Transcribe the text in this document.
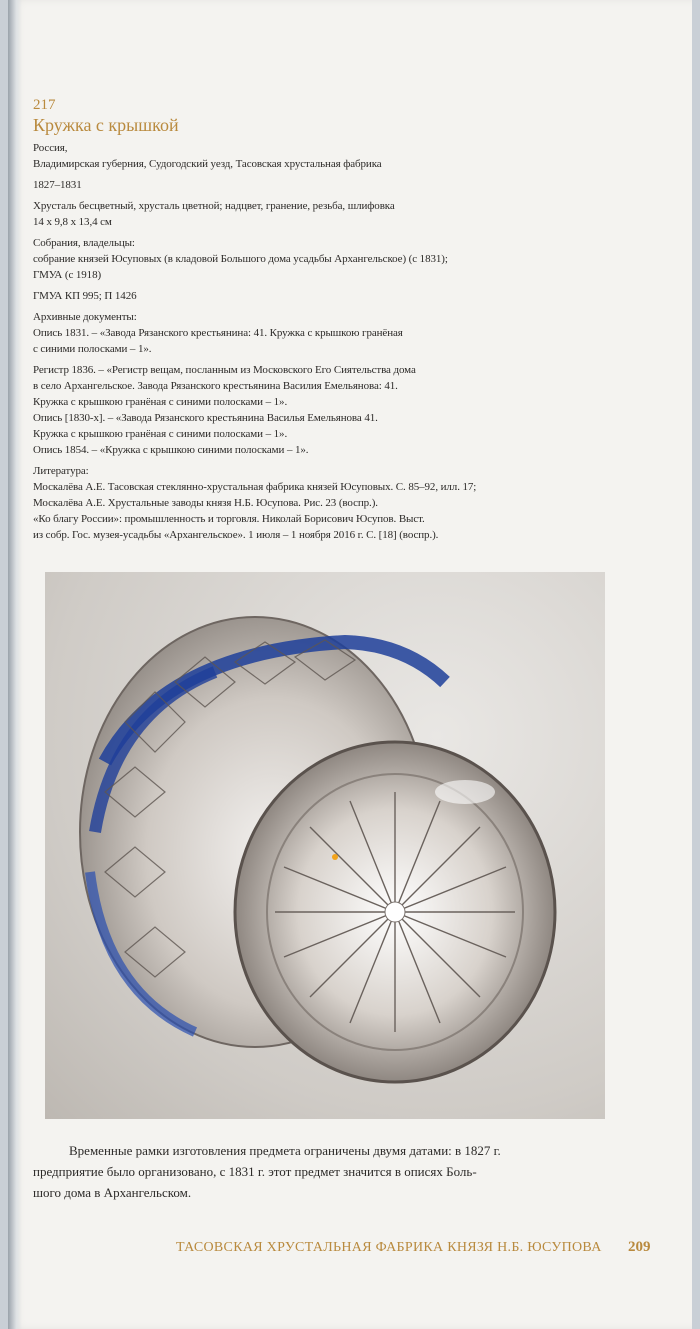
217
Кружка с крышкой
Россия,
Владимирская губерния, Судогодский уезд, Тасовская хрустальная фабрика
1827–1831
Хрусталь бесцветный, хрусталь цветной; надцвет, гранение, резьба, шлифовка
14 х 9,8 х 13,4 см
Собрания, владельцы:
собрание князей Юсуповых (в кладовой Большого дома усадьбы Архангельское) (с 1831);
ГМУА (с 1918)
ГМУА КП 995; П 1426
Архивные документы:
Опись 1831. – «Завода Рязанского крестьянина: 41. Кружка с крышкою гранёная
с синими полосками – 1».
Регистр 1836. – «Регистр вещам, посланным из Московского Его Сиятельства дома
в село Архангельское. Завода Рязанского крестьянина Василия Емельянова: 41.
Кружка с крышкою гранёная с синими полосками – 1».
Опись [1830-х]. – «Завода Рязанского крестьянина Василья Емельянова 41.
Кружка с крышкою гранёная с синими полосками – 1».
Опись 1854. – «Кружка с крышкою синими полосками – 1».
Литература:
Москалёва А.Е. Тасовская стеклянно-хрустальная фабрика князей Юсуповых. С. 85–92, илл. 17;
Москалёва А.Е. Хрустальные заводы князя Н.Б. Юсупова. Рис. 23 (воспр.).
«Ко благу России»: промышленность и торговля. Николай Борисович Юсупов. Выст.
из собр. Гос. музея-усадьбы «Архангельское». 1 июля – 1 ноября 2016 г. С. [18] (воспр.).
Временные рамки изготовления предмета ограничены двумя датами: в 1827 г.
предприятие было организовано, с 1831 г. этот предмет значится в описях Боль-
шого дома в Архангельском.
ТАСОВСКАЯ ХРУСТАЛЬНАЯ ФАБРИКА КНЯЗЯ Н.Б. ЮСУПОВА 209
